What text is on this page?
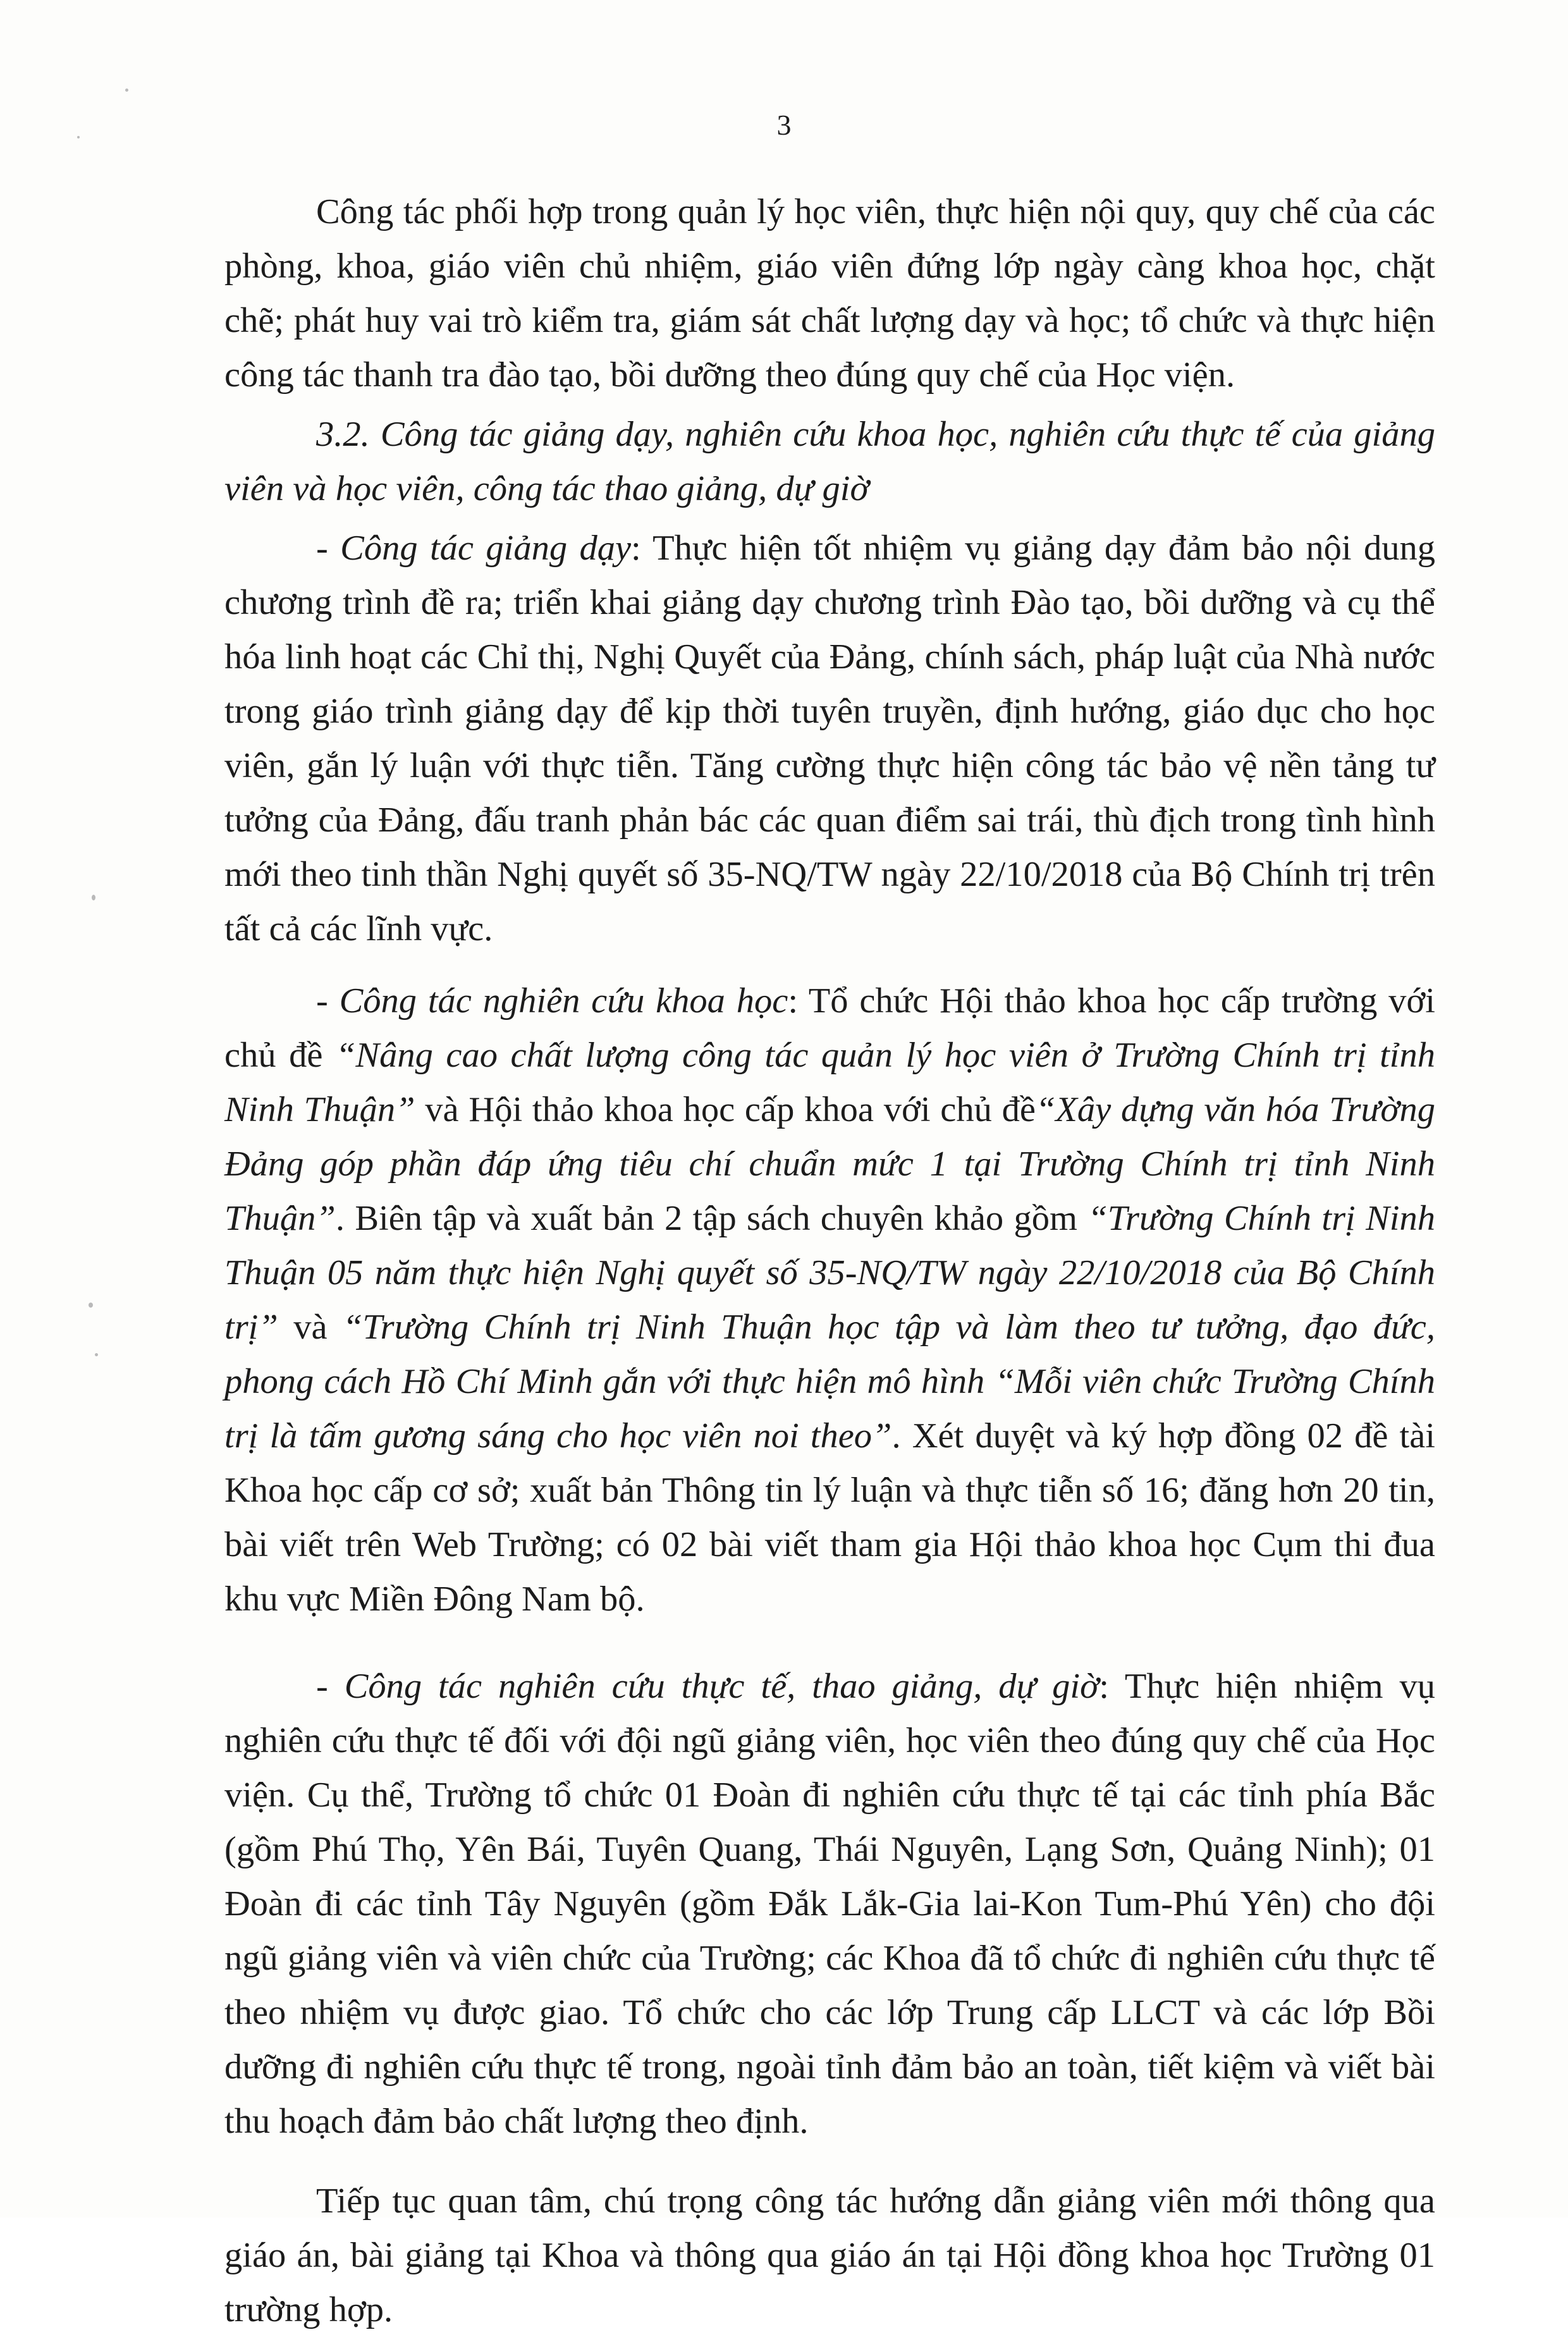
3

Công tác phối hợp trong quản lý học viên, thực hiện nội quy, quy chế của các phòng, khoa, giáo viên chủ nhiệm, giáo viên đứng lớp ngày càng khoa học, chặt chẽ; phát huy vai trò kiểm tra, giám sát chất lượng dạy và học; tổ chức và thực hiện công tác thanh tra đào tạo, bồi dưỡng theo đúng quy chế của Học viện.

3.2. Công tác giảng dạy, nghiên cứu khoa học, nghiên cứu thực tế của giảng viên và học viên, công tác thao giảng, dự giờ

- Công tác giảng dạy: Thực hiện tốt nhiệm vụ giảng dạy đảm bảo nội dung chương trình đề ra; triển khai giảng dạy chương trình Đào tạo, bồi dưỡng và cụ thể hóa linh hoạt các Chỉ thị, Nghị Quyết của Đảng, chính sách, pháp luật của Nhà nước trong giáo trình giảng dạy để kịp thời tuyên truyền, định hướng, giáo dục cho học viên, gắn lý luận với thực tiễn. Tăng cường thực hiện công tác bảo vệ nền tảng tư tưởng của Đảng, đấu tranh phản bác các quan điểm sai trái, thù địch trong tình hình mới theo tinh thần Nghị quyết số 35-NQ/TW ngày 22/10/2018 của Bộ Chính trị trên tất cả các lĩnh vực.

- Công tác nghiên cứu khoa học: Tổ chức Hội thảo khoa học cấp trường với chủ đề “Nâng cao chất lượng công tác quản lý học viên ở Trường Chính trị tỉnh Ninh Thuận” và Hội thảo khoa học cấp khoa với chủ đề“Xây dựng văn hóa Trường Đảng góp phần đáp ứng tiêu chí chuẩn mức 1 tại Trường Chính trị tỉnh Ninh Thuận”. Biên tập và xuất bản 2 tập sách chuyên khảo gồm “Trường Chính trị Ninh Thuận 05 năm thực hiện Nghị quyết số 35-NQ/TW ngày 22/10/2018 của Bộ Chính trị” và “Trường Chính trị Ninh Thuận học tập và làm theo tư tưởng, đạo đức, phong cách Hồ Chí Minh gắn với thực hiện mô hình “Mỗi viên chức Trường Chính trị là tấm gương sáng cho học viên noi theo”. Xét duyệt và ký hợp đồng 02 đề tài Khoa học cấp cơ sở; xuất bản Thông tin lý luận và thực tiễn số 16; đăng hơn 20 tin, bài viết trên Web Trường; có 02 bài viết tham gia Hội thảo khoa học Cụm thi đua khu vực Miền Đông Nam bộ.

- Công tác nghiên cứu thực tế, thao giảng, dự giờ: Thực hiện nhiệm vụ nghiên cứu thực tế đối với đội ngũ giảng viên, học viên theo đúng quy chế của Học viện. Cụ thể, Trường tổ chức 01 Đoàn đi nghiên cứu thực tế tại các tỉnh phía Bắc (gồm Phú Thọ, Yên Bái, Tuyên Quang, Thái Nguyên, Lạng Sơn, Quảng Ninh); 01 Đoàn đi các tỉnh Tây Nguyên (gồm Đắk Lắk-Gia lai-Kon Tum-Phú Yên) cho đội ngũ giảng viên và viên chức của Trường; các Khoa đã tổ chức đi nghiên cứu thực tế theo nhiệm vụ được giao. Tổ chức cho các lớp Trung cấp LLCT và các lớp Bồi dưỡng đi nghiên cứu thực tế trong, ngoài tỉnh đảm bảo an toàn, tiết kiệm và viết bài thu hoạch đảm bảo chất lượng theo định.

Tiếp tục quan tâm, chú trọng công tác hướng dẫn giảng viên mới thông qua giáo án, bài giảng tại Khoa và thông qua giáo án tại Hội đồng khoa học Trường 01 trường hợp.
